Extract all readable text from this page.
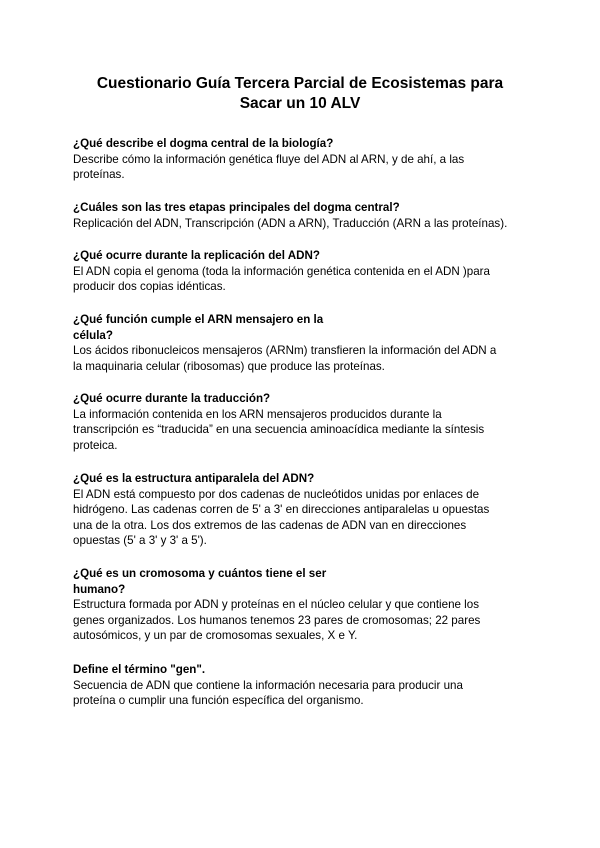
Cuestionario Guía Tercera Parcial de Ecosistemas para
Sacar un 10 ALV
¿Qué describe el dogma central de la biología?
Describe cómo la información genética fluye del ADN al ARN, y de ahí, a las
proteínas.
¿Cuáles son las tres etapas principales del dogma central?
Replicación del ADN, Transcripción (ADN a ARN), Traducción (ARN a las proteínas).
¿Qué ocurre durante la replicación del ADN?
El ADN copia el genoma (toda la información genética contenida en el ADN )para
producir dos copias idénticas.
¿Qué función cumple el ARN mensajero en la
célula?
Los ácidos ribonucleicos mensajeros (ARNm) transfieren la información del ADN a
la maquinaria celular (ribosomas) que produce las proteínas.
¿Qué ocurre durante la traducción?
La información contenida en los ARN mensajeros producidos durante la
transcripción es “traducida” en una secuencia aminoacídica mediante la síntesis
proteica.
¿Qué es la estructura antiparalela del ADN?
El ADN está compuesto por dos cadenas de nucleótidos unidas por enlaces de
hidrógeno. Las cadenas corren de 5' a 3' en direcciones antiparalelas u opuestas
una de la otra. Los dos extremos de las cadenas de ADN van en direcciones
opuestas (5' a 3' y 3' a 5').
¿Qué es un cromosoma y cuántos tiene el ser
humano?
Estructura formada por ADN y proteínas en el núcleo celular y que contiene los
genes organizados. Los humanos tenemos 23 pares de cromosomas; 22 pares
autosómicos, y un par de cromosomas sexuales, X e Y.
Define el término "gen".
Secuencia de ADN que contiene la información necesaria para producir una
proteína o cumplir una función específica del organismo.
